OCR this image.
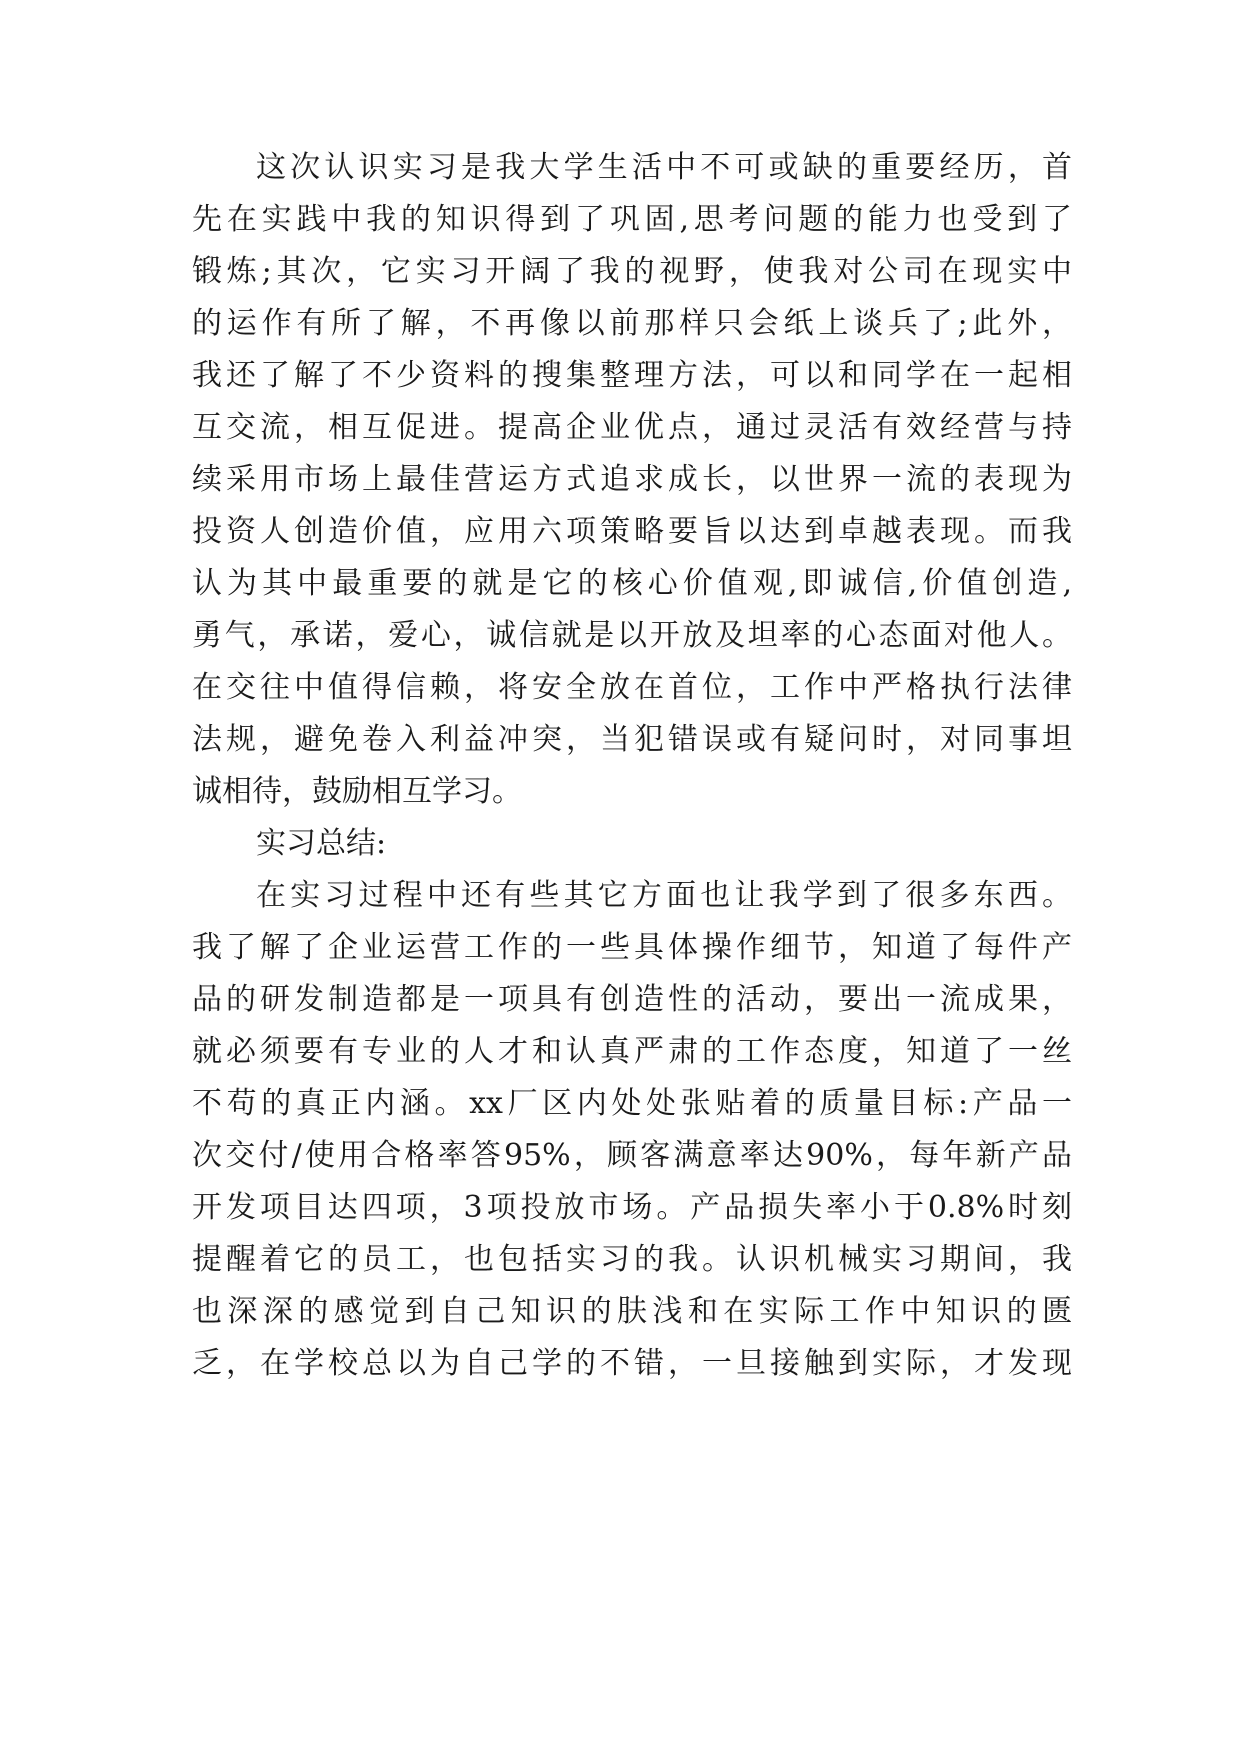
这次认识实习是我大学生活中不可或缺的重要经历，首
先在实践中我的知识得到了巩固,思考问题的能力也受到了
锻炼;其次，它实习开阔了我的视野，使我对公司在现实中
的运作有所了解，不再像以前那样只会纸上谈兵了;此外，
我还了解了不少资料的搜集整理方法，可以和同学在一起相
互交流，相互促进。提高企业优点，通过灵活有效经营与持
续采用市场上最佳营运方式追求成长，以世界一流的表现为
投资人创造价值，应用六项策略要旨以达到卓越表现。而我
认为其中最重要的就是它的核心价值观,即诚信,价值创造,
勇气，承诺，爱心，诚信就是以开放及坦率的心态面对他人。
在交往中值得信赖，将安全放在首位，工作中严格执行法律
法规，避免卷入利益冲突，当犯错误或有疑问时，对同事坦
诚相待，鼓励相互学习。
实习总结:
在实习过程中还有些其它方面也让我学到了很多东西。
我了解了企业运营工作的一些具体操作细节，知道了每件产
品的研发制造都是一项具有创造性的活动，要出一流成果，
就必须要有专业的人才和认真严肃的工作态度，知道了一丝
不苟的真正内涵。xx厂区内处处张贴着的质量目标:产品一
次交付/使用合格率答95%，顾客满意率达90%，每年新产品
开发项目达四项，3项投放市场。产品损失率小于0.8%时刻
提醒着它的员工，也包括实习的我。认识机械实习期间，我
也深深的感觉到自己知识的肤浅和在实际工作中知识的匮
乏，在学校总以为自己学的不错，一旦接触到实际，才发现
